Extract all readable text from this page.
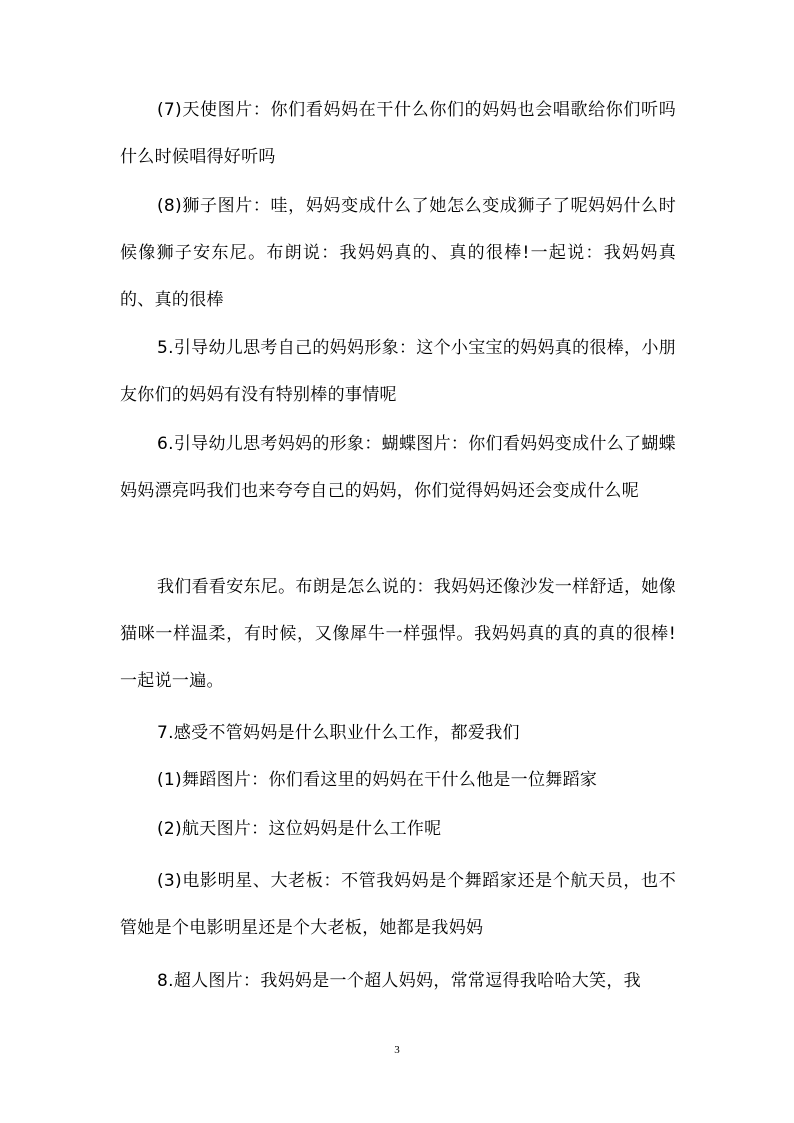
(7)天使图片：你们看妈妈在干什么你们的妈妈也会唱歌给你们听吗什么时候唱得好听吗

(8)狮子图片：哇，妈妈变成什么了她怎么变成狮子了呢妈妈什么时候像狮子安东尼。布朗说：我妈妈真的、真的很棒!一起说：我妈妈真的、真的很棒

5.引导幼儿思考自己的妈妈形象：这个小宝宝的妈妈真的很棒，小朋友你们的妈妈有没有特别棒的事情呢

6.引导幼儿思考妈妈的形象：蝴蝶图片：你们看妈妈变成什么了蝴蝶妈妈漂亮吗我们也来夸夸自己的妈妈，你们觉得妈妈还会变成什么呢

我们看看安东尼。布朗是怎么说的：我妈妈还像沙发一样舒适，她像猫咪一样温柔，有时候，又像犀牛一样强悍。我妈妈真的真的真的很棒!一起说一遍。

7.感受不管妈妈是什么职业什么工作，都爱我们

(1)舞蹈图片：你们看这里的妈妈在干什么他是一位舞蹈家

(2)航天图片：这位妈妈是什么工作呢

(3)电影明星、大老板：不管我妈妈是个舞蹈家还是个航天员，也不管她是个电影明星还是个大老板，她都是我妈妈

8.超人图片：我妈妈是一个超人妈妈，常常逗得我哈哈大笑，我

3
